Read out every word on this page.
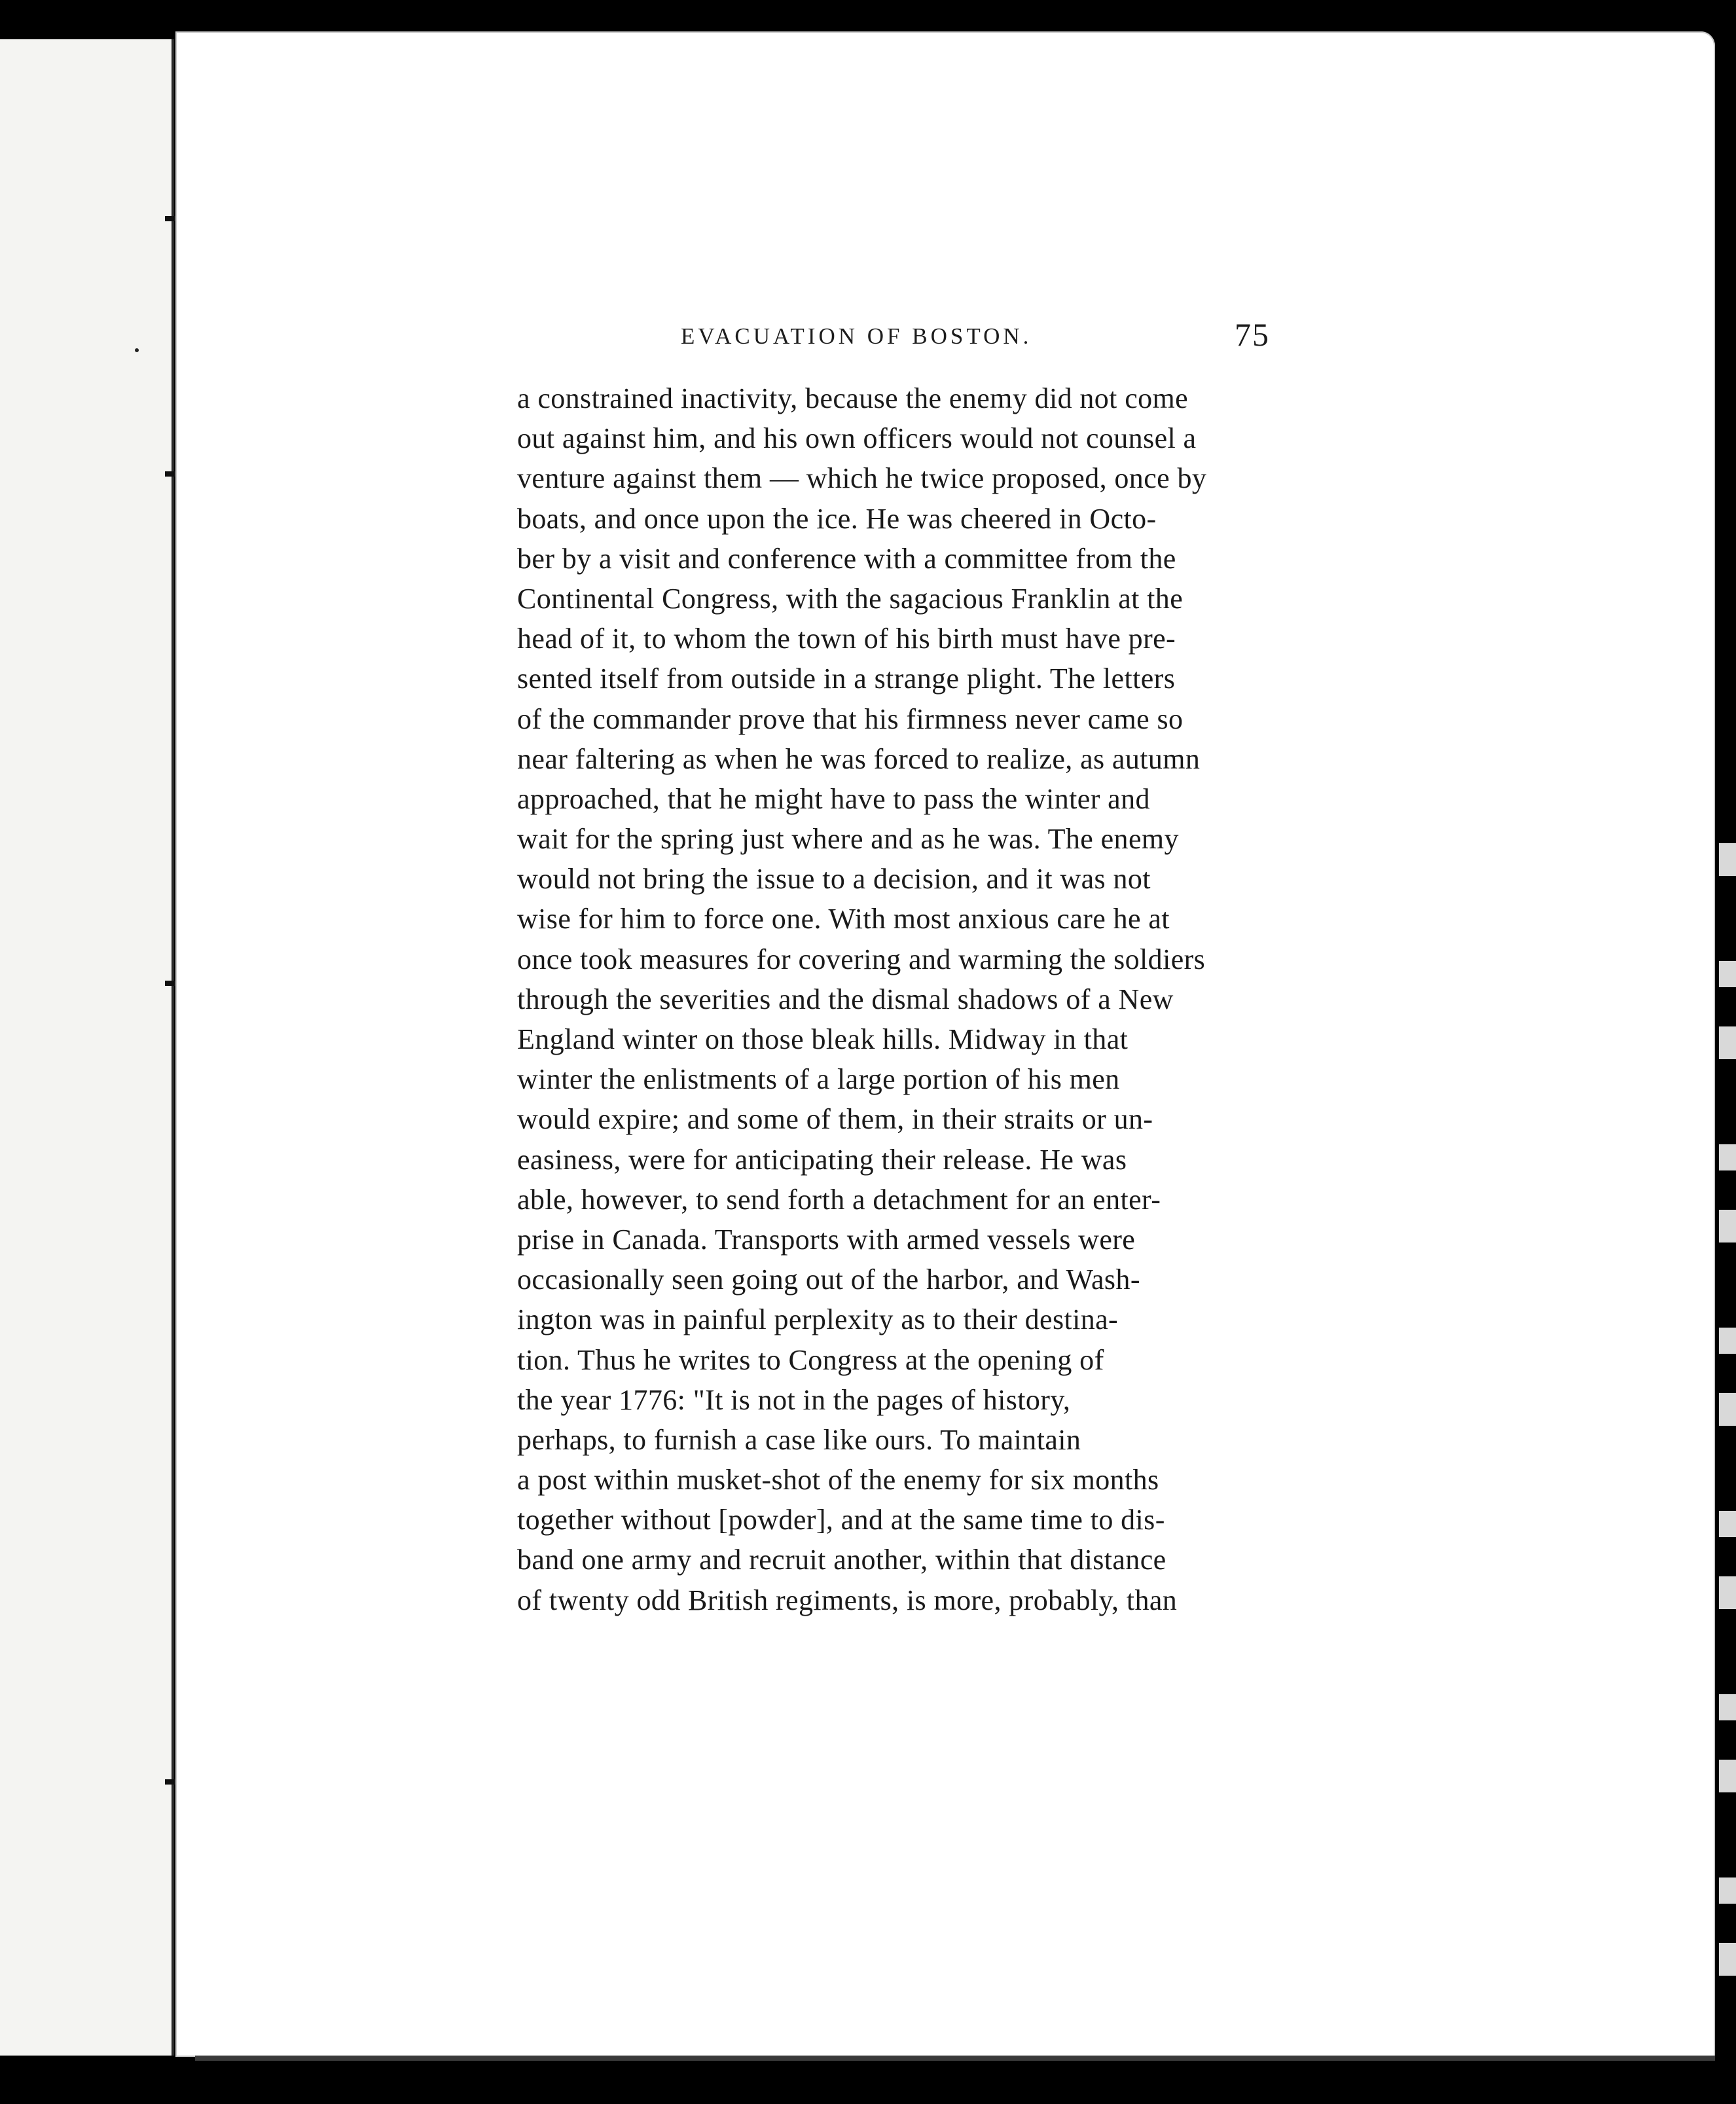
EVACUATION OF BOSTON.	75
a constrained inactivity, because the enemy did not come
out against him, and his own officers would not counsel a
venture against them — which he twice proposed, once by
boats, and once upon the ice. He was cheered in Octo-
ber by a visit and conference with a committee from the
Continental Congress, with the sagacious Franklin at the
head of it, to whom the town of his birth must have pre-
sented itself from outside in a strange plight. The letters
of the commander prove that his firmness never came so
near faltering as when he was forced to realize, as autumn
approached, that he might have to pass the winter and
wait for the spring just where and as he was. The enemy
would not bring the issue to a decision, and it was not
wise for him to force one. With most anxious care he at
once took measures for covering and warming the soldiers
through the severities and the dismal shadows of a New
England winter on those bleak hills. Midway in that
winter the enlistments of a large portion of his men
would expire; and some of them, in their straits or un-
easiness, were for anticipating their release. He was
able, however, to send forth a detachment for an enter-
prise in Canada. Transports with armed vessels were
occasionally seen going out of the harbor, and Wash-
ington was in painful perplexity as to their destina-
tion. Thus he writes to Congress at the opening of
the year 1776: "It is not in the pages of history,
perhaps, to furnish a case like ours. To maintain
a post within musket-shot of the enemy for six months
together without [powder], and at the same time to dis-
band one army and recruit another, within that distance
of twenty odd British regiments, is more, probably, than
